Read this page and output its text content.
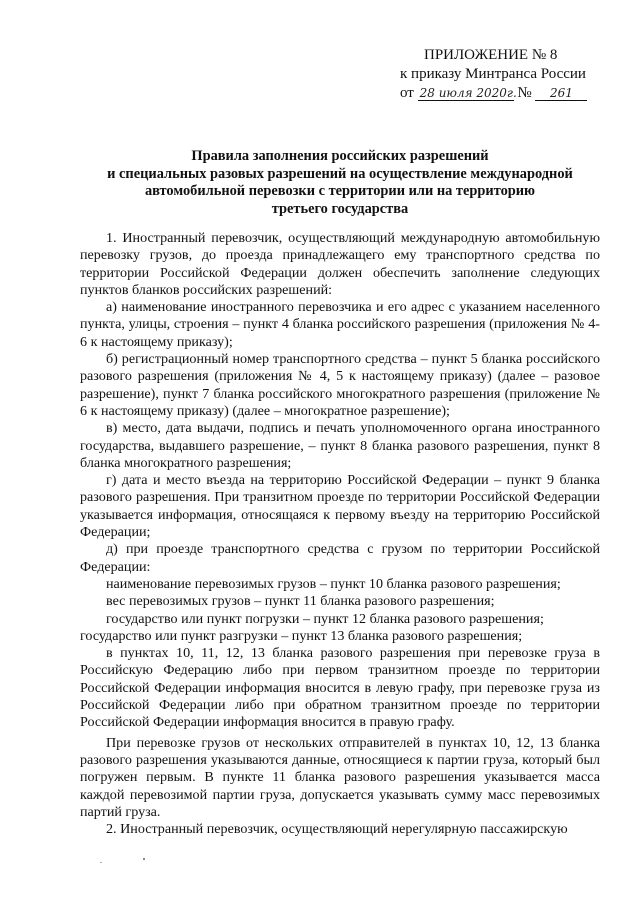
ПРИЛОЖЕНИЕ № 8
к приказу Минтранса России
от 28 июля 2020г. № 261
Правила заполнения российских разрешений
и специальных разовых разрешений на осуществление международной
автомобильной перевозки с территории или на территорию
третьего государства

1. Иностранный перевозчик, осуществляющий международную автомобильную перевозку грузов, до проезда принадлежащего ему транспортного средства по территории Российской Федерации должен обеспечить заполнение следующих пунктов бланков российских разрешений:

а) наименование иностранного перевозчика и его адрес с указанием населенного пункта, улицы, строения – пункт 4 бланка российского разрешения (приложения № 4-6 к настоящему приказу);

б) регистрационный номер транспортного средства – пункт 5 бланка российского разового разрешения (приложения № 4, 5 к настоящему приказу) (далее – разовое разрешение), пункт 7 бланка российского многократного разрешения (приложение № 6 к настоящему приказу) (далее – многократное разрешение);

в) место, дата выдачи, подпись и печать уполномоченного органа иностранного государства, выдавшего разрешение, – пункт 8 бланка разового разрешения, пункт 8 бланка многократного разрешения;

г) дата и место въезда на территорию Российской Федерации – пункт 9 бланка разового разрешения. При транзитном проезде по территории Российской Федерации указывается информация, относящаяся к первому въезду на территорию Российской Федерации;

д) при проезде транспортного средства с грузом по территории Российской Федерации:

наименование перевозимых грузов – пункт 10 бланка разового разрешения;

вес перевозимых грузов – пункт 11 бланка разового разрешения;

государство или пункт погрузки – пункт 12 бланка разового разрешения;

государство или пункт разгрузки – пункт 13 бланка разового разрешения;

в пунктах 10, 11, 12, 13 бланка разового разрешения при перевозке груза в Российскую Федерацию либо при первом транзитном проезде по территории Российской Федерации информация вносится в левую графу, при перевозке груза из Российской Федерации либо при обратном транзитном проезде по территории Российской Федерации информация вносится в правую графу.

При перевозке грузов от нескольких отправителей в пунктах 10, 12, 13 бланка разового разрешения указываются данные, относящиеся к партии груза, который был погружен первым. В пункте 11 бланка разового разрешения указывается масса каждой перевозимой партии груза, допускается указывать сумму масс перевозимых партий груза.

2. Иностранный перевозчик, осуществляющий нерегулярную пассажирскую
